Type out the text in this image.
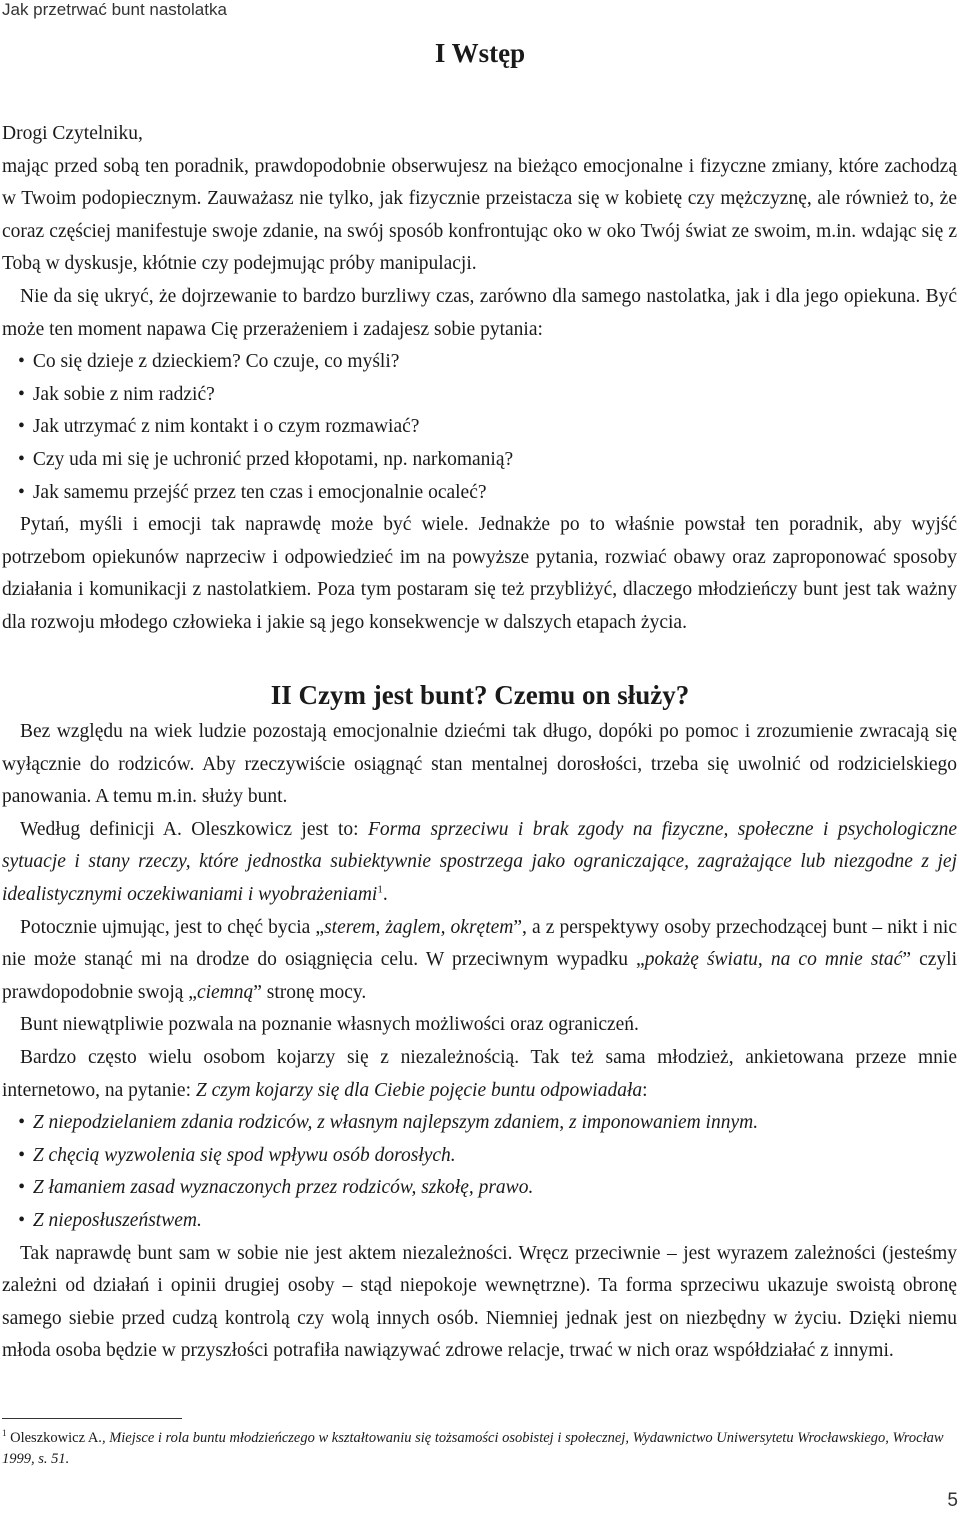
Jak przetrwać bunt nastolatka
I Wstęp

Drogi Czytelniku,

mając przed sobą ten poradnik, prawdopodobnie obserwujesz na bieżąco emocjonalne i fizyczne zmiany, które zachodzą w Twoim podopiecznym. Zauważasz nie tylko, jak fizycznie przeistacza się w kobietę czy mężczyznę, ale również to, że coraz częściej manifestuje swoje zdanie, na swój sposób konfrontując oko w oko Twój świat ze swoim, m.in. wdając się z Tobą w dyskusje, kłótnie czy podejmując próby manipulacji.

Nie da się ukryć, że dojrzewanie to bardzo burzliwy czas, zarówno dla samego nastolatka, jak i dla jego opiekuna. Być może ten moment napawa Cię przerażeniem i zadajesz sobie pytania:

• Co się dzieje z dzieckiem? Co czuje, co myśli?
• Jak sobie z nim radzić?
• Jak utrzymać z nim kontakt i o czym rozmawiać?
• Czy uda mi się je uchronić przed kłopotami, np. narkomanią?
• Jak samemu przejść przez ten czas i emocjonalnie ocaleć?

Pytań, myśli i emocji tak naprawdę może być wiele. Jednakże po to właśnie powstał ten poradnik, aby wyjść potrzebom opiekunów naprzeciw i odpowiedzieć im na powyższe pytania, rozwiać obawy oraz zaproponować sposoby działania i komunikacji z nastolatkiem. Poza tym postaram się też przybliżyć, dlaczego młodzieńczy bunt jest tak ważny dla rozwoju młodego człowieka i jakie są jego konsekwencje w dalszych etapach życia.

II Czym jest bunt? Czemu on służy?

Bez względu na wiek ludzie pozostają emocjonalnie dziećmi tak długo, dopóki po pomoc i zrozumienie zwracają się wyłącznie do rodziców. Aby rzeczywiście osiągnąć stan mentalnej dorosłości, trzeba się uwolnić od rodzicielskiego panowania. A temu m.in. służy bunt.

Według definicji A. Oleszkowicz jest to: Forma sprzeciwu i brak zgody na fizyczne, społeczne i psychologiczne sytuacje i stany rzeczy, które jednostka subiektywnie spostrzega jako ograniczające, zagrażające lub niezgodne z jej idealistycznymi oczekiwaniami i wyobrażeniami$^1$.

Potocznie ujmując, jest to chęć bycia „sterem, żaglem, okrętem”, a z perspektywy osoby przechodzącej bunt – nikt i nic nie może stanąć mi na drodze do osiągnięcia celu. W przeciwnym wypadku „pokażę światu, na co mnie stać” czyli prawdopodobnie swoją „ciemną” stronę mocy.

Bunt niewątpliwie pozwala na poznanie własnych możliwości oraz ograniczeń.

Bardzo często wielu osobom kojarzy się z niezależnością. Tak też sama młodzież, ankietowana przeze mnie internetowo, na pytanie: Z czym kojarzy się dla Ciebie pojęcie buntu odpowiadała:

• Z niepodzielaniem zdania rodziców, z własnym najlepszym zdaniem, z imponowaniem innym.
• Z chęcią wyzwolenia się spod wpływu osób dorosłych.
• Z łamaniem zasad wyznaczonych przez rodziców, szkołę, prawo.
• Z nieposłuszeństwem.

Tak naprawdę bunt sam w sobie nie jest aktem niezależności. Wręcz przeciwnie – jest wyrazem zależności (jesteśmy zależni od działań i opinii drugiej osoby – stąd niepokoje wewnętrzne). Ta forma sprzeciwu ukazuje swoistą obronę samego siebie przed cudzą kontrolą czy wolą innych osób. Niemniej jednak jest on niezbędny w życiu. Dzięki niemu młoda osoba będzie w przyszłości potrafiła nawiązywać zdrowe relacje, trwać w nich oraz współdziałać z innymi.

$^1$ Oleszkowicz A., Miejsce i rola buntu młodzieńczego w kształtowaniu się tożsamości osobistej i społecznej, Wydawnictwo Uniwersytetu Wrocławskiego, Wrocław 1999, s. 51.
5
